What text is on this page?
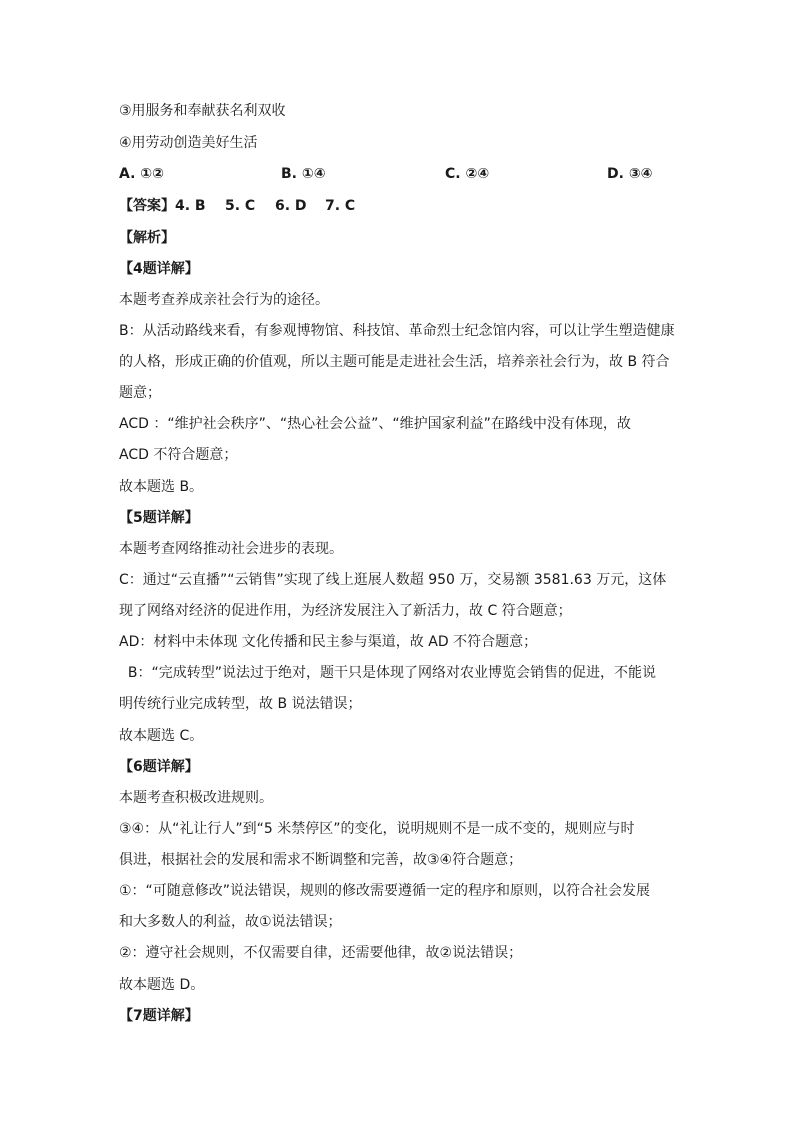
③用服务和奉献获名利双收
④用劳动创造美好生活
A. ①②	B. ①④	C. ②④	D. ③④
【答案】4. B 5. C 6. D 7. C
【解析】
【4题详解】
本题考查养成亲社会行为的途径。
B：从活动路线来看，有参观博物馆、科技馆、革命烈士纪念馆内容，可以让学生塑造健康
的人格，形成正确的价值观，所以主题可能是走进社会生活，培养亲社会行为，故 B 符合
题意；
ACD ：“维护社会秩序”、“热心社会公益”、“维护国家利益”在路线中没有体现，故
ACD 不符合题意；
故本题选 B。
【5题详解】
本题考查网络推动社会进步的表现。
C：通过“云直播”“云销售”实现了线上逛展人数超 950 万，交易额 3581.63 万元，这体
现了网络对经济的促进作用，为经济发展注入了新活力，故 C 符合题意；
AD：材料中未体现 文化传播和民主参与渠道，故 AD 不符合题意；
B：“完成转型”说法过于绝对，题干只是体现了网络对农业博览会销售的促进，不能说
明传统行业完成转型，故 B 说法错误；
故本题选 C。
【6题详解】
本题考查积极改进规则。
③④：从“礼让行人”到“5 米禁停区”的变化，说明规则不是一成不变的，规则应与时
俱进，根据社会的发展和需求不断调整和完善，故③④符合题意；
①：“可随意修改”说法错误，规则的修改需要遵循一定的程序和原则，以符合社会发展
和大多数人的利益，故①说法错误；
②：遵守社会规则，不仅需要自律，还需要他律，故②说法错误；
故本题选 D。
【7题详解】
